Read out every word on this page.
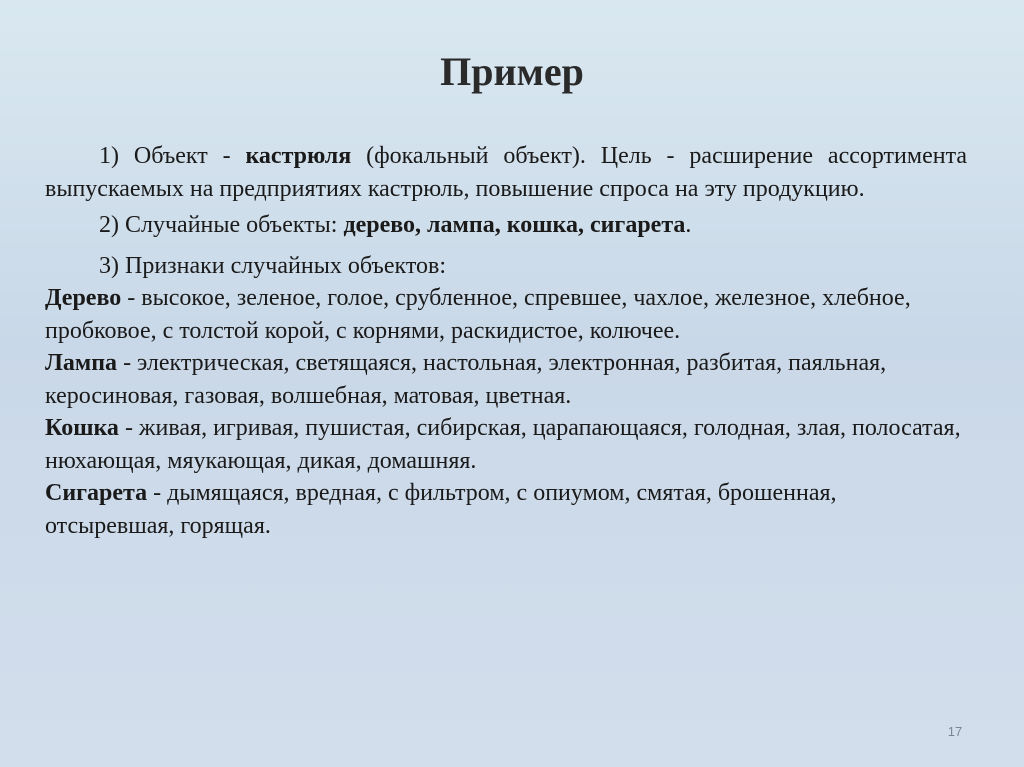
Пример

1) Объект - кастрюля (фокальный объект). Цель - расширение ассортимента выпускаемых на предприятиях кастрюль, повышение спроса на эту продукцию.

2) Случайные объекты: дерево, лампа, кошка, сигарета.

3) Признаки случайных объектов:

Дерево - высокое, зеленое, голое, срубленное, спревшее, чахлое, железное, хлебное, пробковое, с толстой корой, с корнями, раскидистое, колючее.

Лампа - электрическая, светящаяся, настольная, электронная, разбитая, паяльная, керосиновая, газовая, волшебная, матовая, цветная.

Кошка - живая, игривая, пушистая, сибирская, царапающаяся, голодная, злая, полосатая, нюхающая, мяукающая, дикая, домашняя.

Сигарета - дымящаяся, вредная, с фильтром, с опиумом, смятая, брошенная, отсыревшая, горящая.

17
